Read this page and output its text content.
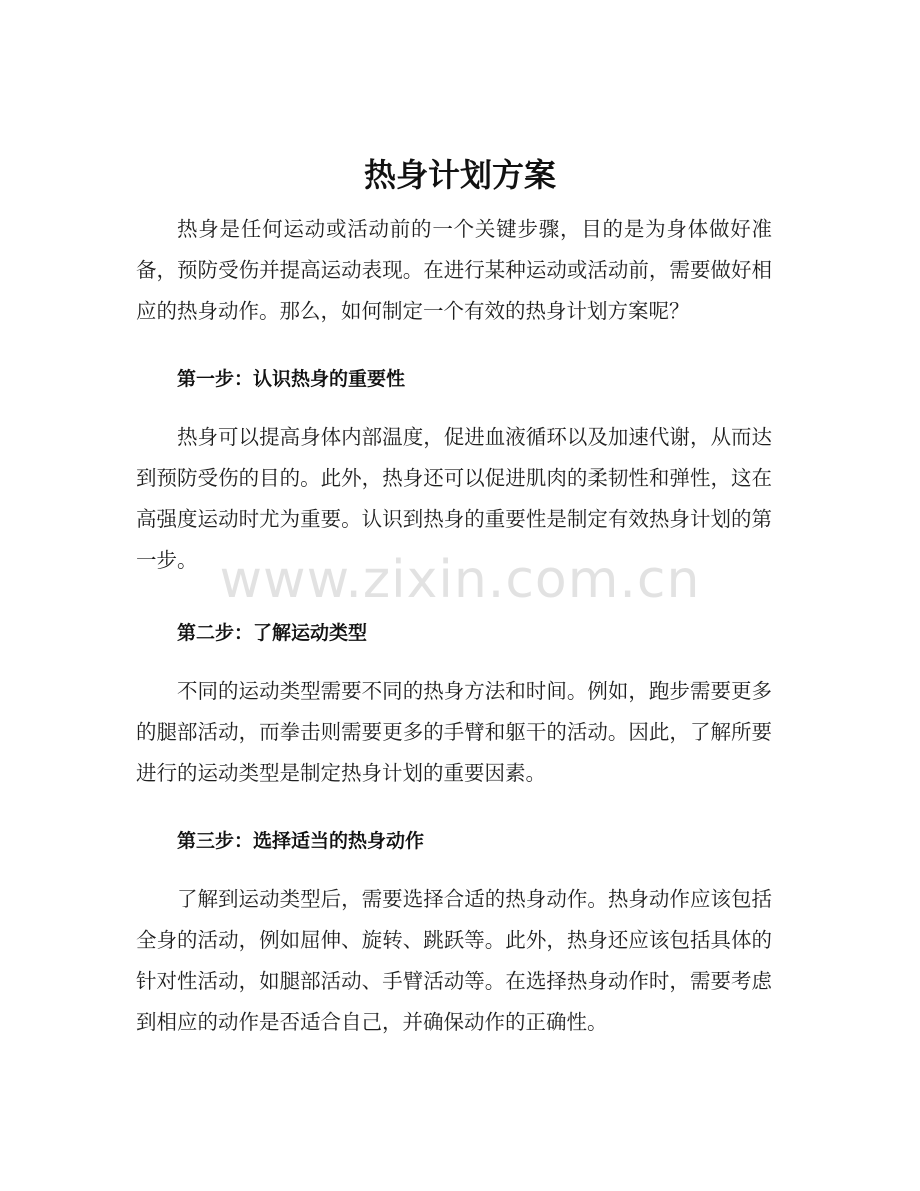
热身计划方案

热身是任何运动或活动前的一个关键步骤，目的是为身体做好准备，预防受伤并提高运动表现。在进行某种运动或活动前，需要做好相应的热身动作。那么，如何制定一个有效的热身计划方案呢？

第一步：认识热身的重要性

热身可以提高身体内部温度，促进血液循环以及加速代谢，从而达到预防受伤的目的。此外，热身还可以促进肌肉的柔韧性和弹性，这在高强度运动时尤为重要。认识到热身的重要性是制定有效热身计划的第一步。

第二步：了解运动类型

不同的运动类型需要不同的热身方法和时间。例如，跑步需要更多的腿部活动，而拳击则需要更多的手臂和躯干的活动。因此，了解所要进行的运动类型是制定热身计划的重要因素。

第三步：选择适当的热身动作

了解到运动类型后，需要选择合适的热身动作。热身动作应该包括全身的活动，例如屈伸、旋转、跳跃等。此外，热身还应该包括具体的针对性活动，如腿部活动、手臂活动等。在选择热身动作时，需要考虑到相应的动作是否适合自己，并确保动作的正确性。

www.zixin.com.cn
